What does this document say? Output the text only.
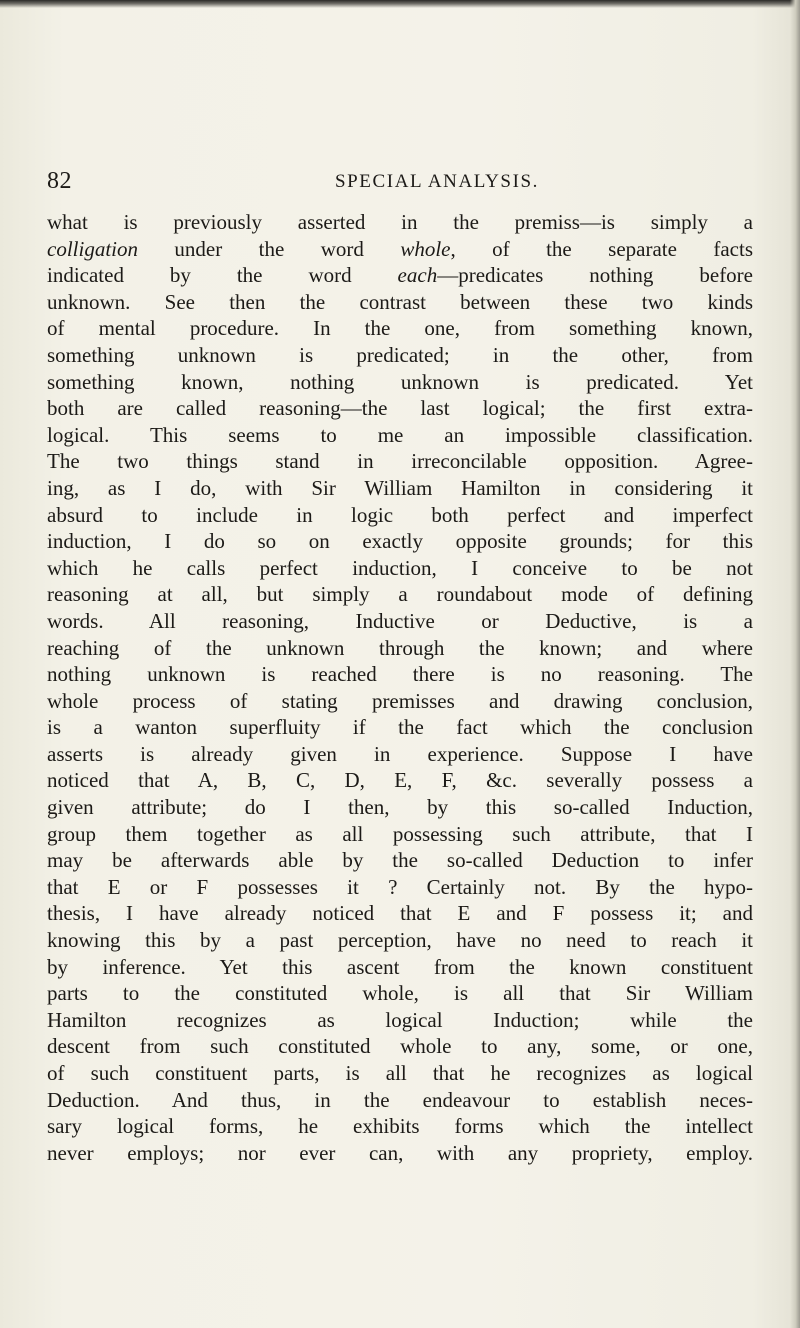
82	SPECIAL ANALYSIS.
what is previously asserted in the premiss—is simply a
colligation under the word whole, of the separate facts
indicated by the word each—predicates nothing before
unknown. See then the contrast between these two kinds
of mental procedure. In the one, from something known,
something unknown is predicated; in the other, from
something known, nothing unknown is predicated. Yet
both are called reasoning—the last logical; the first extra-
logical. This seems to me an impossible classification.
The two things stand in irreconcilable opposition. Agree-
ing, as I do, with Sir William Hamilton in considering it
absurd to include in logic both perfect and imperfect
induction, I do so on exactly opposite grounds; for this
which he calls perfect induction, I conceive to be not
reasoning at all, but simply a roundabout mode of defining
words. All reasoning, Inductive or Deductive, is a
reaching of the unknown through the known; and where
nothing unknown is reached there is no reasoning. The
whole process of stating premisses and drawing conclusion,
is a wanton superfluity if the fact which the conclusion
asserts is already given in experience. Suppose I have
noticed that A, B, C, D, E, F, &c. severally possess a
given attribute; do I then, by this so-called Induction,
group them together as all possessing such attribute, that I
may be afterwards able by the so-called Deduction to infer
that E or F possesses it ? Certainly not. By the hypo-
thesis, I have already noticed that E and F possess it; and
knowing this by a past perception, have no need to reach it
by inference. Yet this ascent from the known constituent
parts to the constituted whole, is all that Sir William
Hamilton recognizes as logical Induction; while the
descent from such constituted whole to any, some, or one,
of such constituent parts, is all that he recognizes as logical
Deduction. And thus, in the endeavour to establish neces-
sary logical forms, he exhibits forms which the intellect
never employs; nor ever can, with any propriety, employ.
